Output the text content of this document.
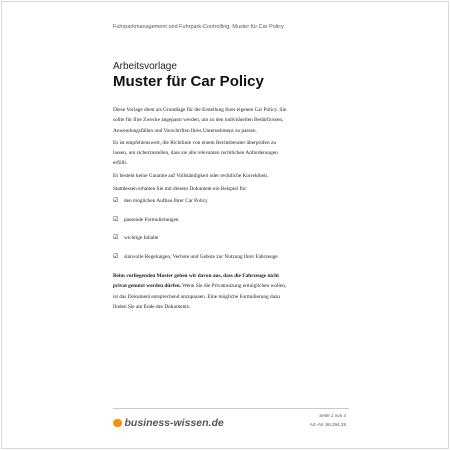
Fuhrparkmanagement und Fuhrpark-Controlling: Muster für Car Policy
Arbeitsvorlage
Muster für Car Policy

Diese Vorlage dient als Grundlage für die Erstellung Ihrer eigenen Car Policy. Sie sollte für Ihre Zwecke angepasst werden, um zu den individuellen Bedürfnissen, Anwendungsfällen und Vorschriften Ihres Unternehmens zu passen.

Es ist empfehlenswert, die Richtlinie von einem Rechtsberater überprüfen zu lassen, um sicherzustellen, dass sie alle relevanten rechtlichen Anforderungen erfüllt.

Es besteht keine Garantie auf Vollständigkeit oder rechtliche Korrektheit.

Stattdessen erhalten Sie mit diesem Dokument ein Beispiel für:

☑ den möglichen Aufbau Ihrer Car Policy
☑ passende Formulierungen
☑ wichtige Inhalte
☑ sinnvolle Regelungen, Verbote und Gebote zur Nutzung Ihrer Fahrzeuge

Beim vorliegenden Muster gehen wir davon aus, dass die Fahrzeuge nicht privat genutzt werden dürfen. Wenn Sie die Privatnutzung ermöglichen wollen, ist das Dokument entsprechend anzupassen. Eine mögliche Formulierung dazu finden Sie am Ende des Dokuments.

business-wissen.de
Seite 1 von 4
Art.-Nr. 98.294.28
